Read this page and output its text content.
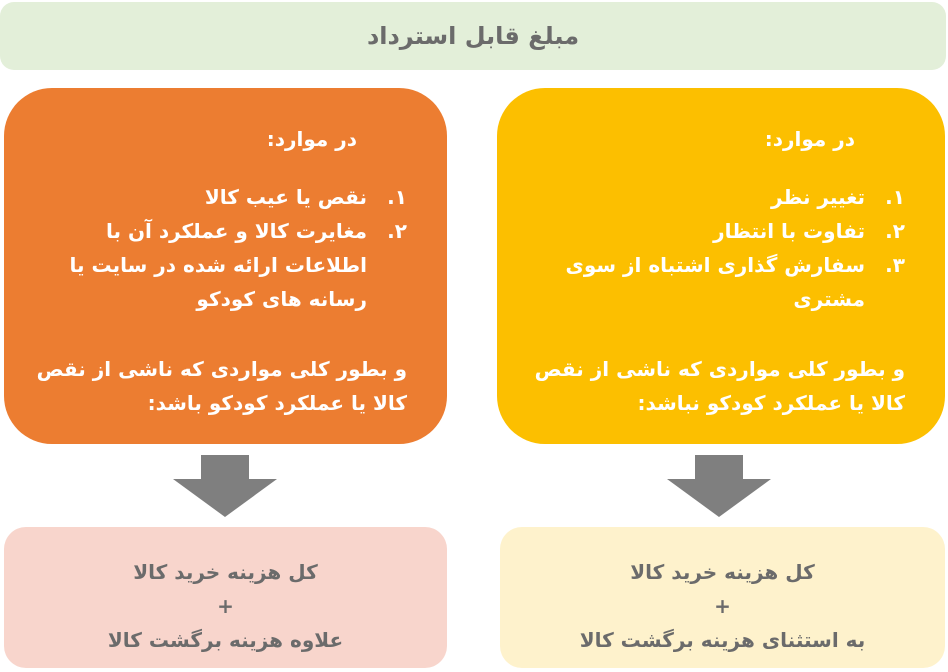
مبلغ قابل استرداد
در موارد:
۱.
نقص یا عیب کالا
۲.
مغایرت کالا و عملکرد آن با اطلاعات ارائه شده در سایت یا رسانه های کودکو
و بطور کلی مواردی که ناشی از نقص کالا یا عملکرد کودکو باشد:
در موارد:
۱.
تغییر نظر
۲.
تفاوت با انتظار
۳.
سفارش گذاری اشتباه از سوی مشتری
و بطور کلی مواردی که ناشی از نقص کالا یا عملکرد کودکو نباشد:
کل هزینه خرید کالا
+
علاوه هزینه برگشت کالا
کل هزینه خرید کالا
+
به استثنای هزینه برگشت کالا
